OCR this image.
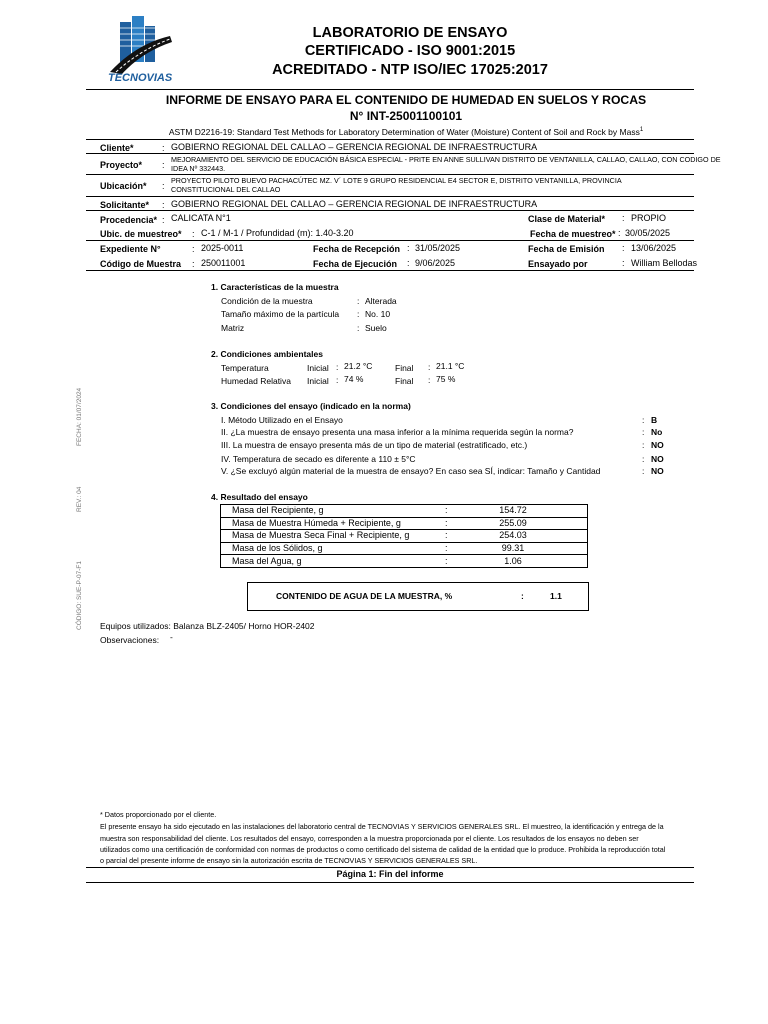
TECNOVIAS
LABORATORIO DE ENSAYO
CERTIFICADO - ISO 9001:2015
ACREDITADO - NTP ISO/IEC 17025:2017
INFORME DE ENSAYO PARA EL CONTENIDO DE HUMEDAD EN SUELOS Y ROCAS
N° INT-25001100101
ASTM D2216-19: Standard Test Methods for Laboratory Determination of Water (Moisture) Content of Soil and Rock by Mass$^1$
Cliente*	: GOBIERNO REGIONAL DEL CALLAO – GERENCIA REGIONAL DE INFRAESTRUCTURA
Proyecto* :
MEJORAMIENTO DEL SERVICIO DE EDUCACIÓN BÁSICA ESPECIAL - PRITE EN ANNE SULLIVAN DISTRITO DE VENTANILLA, CALLAO, CALLAO, CON CODIGO DE IDEA Nº 332443.
Ubicación* :
PROYECTO PILOTO BUEVO PACHACÚTEC MZ. V´ LOTE 9 GRUPO RESIDENCIAL E4 SECTOR E, DISTRITO VENTANILLA, PROVINCIA CONSTITUCIONAL DEL CALLAO
Solicitante* : GOBIERNO REGIONAL DEL CALLAO – GERENCIA REGIONAL DE INFRAESTRUCTURA
Procedencia* : CALICATA N°1	Clase de Material* : PROPIO
Ubic. de muestreo* : C-1 / M-1 / Profundidad (m): 1.40-3.20	Fecha de muestreo* : 30/05/2025
Expediente N°	: 2025-0011	Fecha de Recepción : 31/05/2025	Fecha de Emisión : 13/06/2025
Código de Muestra : 250011001	Fecha de Ejecución : 9/06/2025	Ensayado por	: William Bellodas
1. Características de la muestra
Condición de la muestra	: Alterada
Tamaño máximo de la partícula : No. 10
Matriz	: Suelo
2. Condiciones ambientales
Temperatura	Inicial : 21.2 °C	Final : 21.1 °C
Humedad Relativa Inicial : 74 %	Final : 75 %
3. Condiciones del ensayo (indicado en la norma)
I. Método Utilizado en el Ensayo	: B
II. ¿La muestra de ensayo presenta una masa inferior a la mínima requerida según la norma?	: No
III. La muestra de ensayo presenta más de un tipo de material (estratificado, etc.)	: NO
IV. Temperatura de secado es diferente a 110 ± 5°C	: NO
V. ¿Se excluyó algún material de la muestra de ensayo? En caso sea SÍ, indicar: Tamaño y Cantidad	: NO
4. Resultado del ensayo
Masa del Recipiente, g	:	154.72	
Masa de Muestra Húmeda + Recipiente, g	:	255.09	
Masa de Muestra Seca Final + Recipiente, g	:	254.03	
Masa de los Sólidos, g	:	99.31	
Masa del Agua, g	:	1.06	
CONTENIDO DE AGUA DE LA MUESTRA, %	:	1.1
Equipos utilizados: Balanza BLZ-2405/ Horno HOR-2402
Observaciones: -
FECHA: 01/07/2024
REV.: 04
CÓDIGO: SUE-P-07-F1
* Datos proporcionado por el cliente.
El presente ensayo ha sido ejecutado en las instalaciones del laboratorio central de TECNOVIAS Y SERVICIOS GENERALES SRL. El muestreo, la identificación y entrega de la
muestra son responsabilidad del cliente. Los resultados del ensayo, corresponden a la muestra proporcionada por el cliente. Los resultados de los ensayos no deben ser
utilizados como una certificación de conformidad con normas de productos o como certificado del sistema de calidad de la entidad que lo produce. Prohibida la reproducción total
o parcial del presente informe de ensayo sin la autorización escrita de TECNOVIAS Y SERVICIOS GENERALES SRL.
Página 1: Fin del informe
